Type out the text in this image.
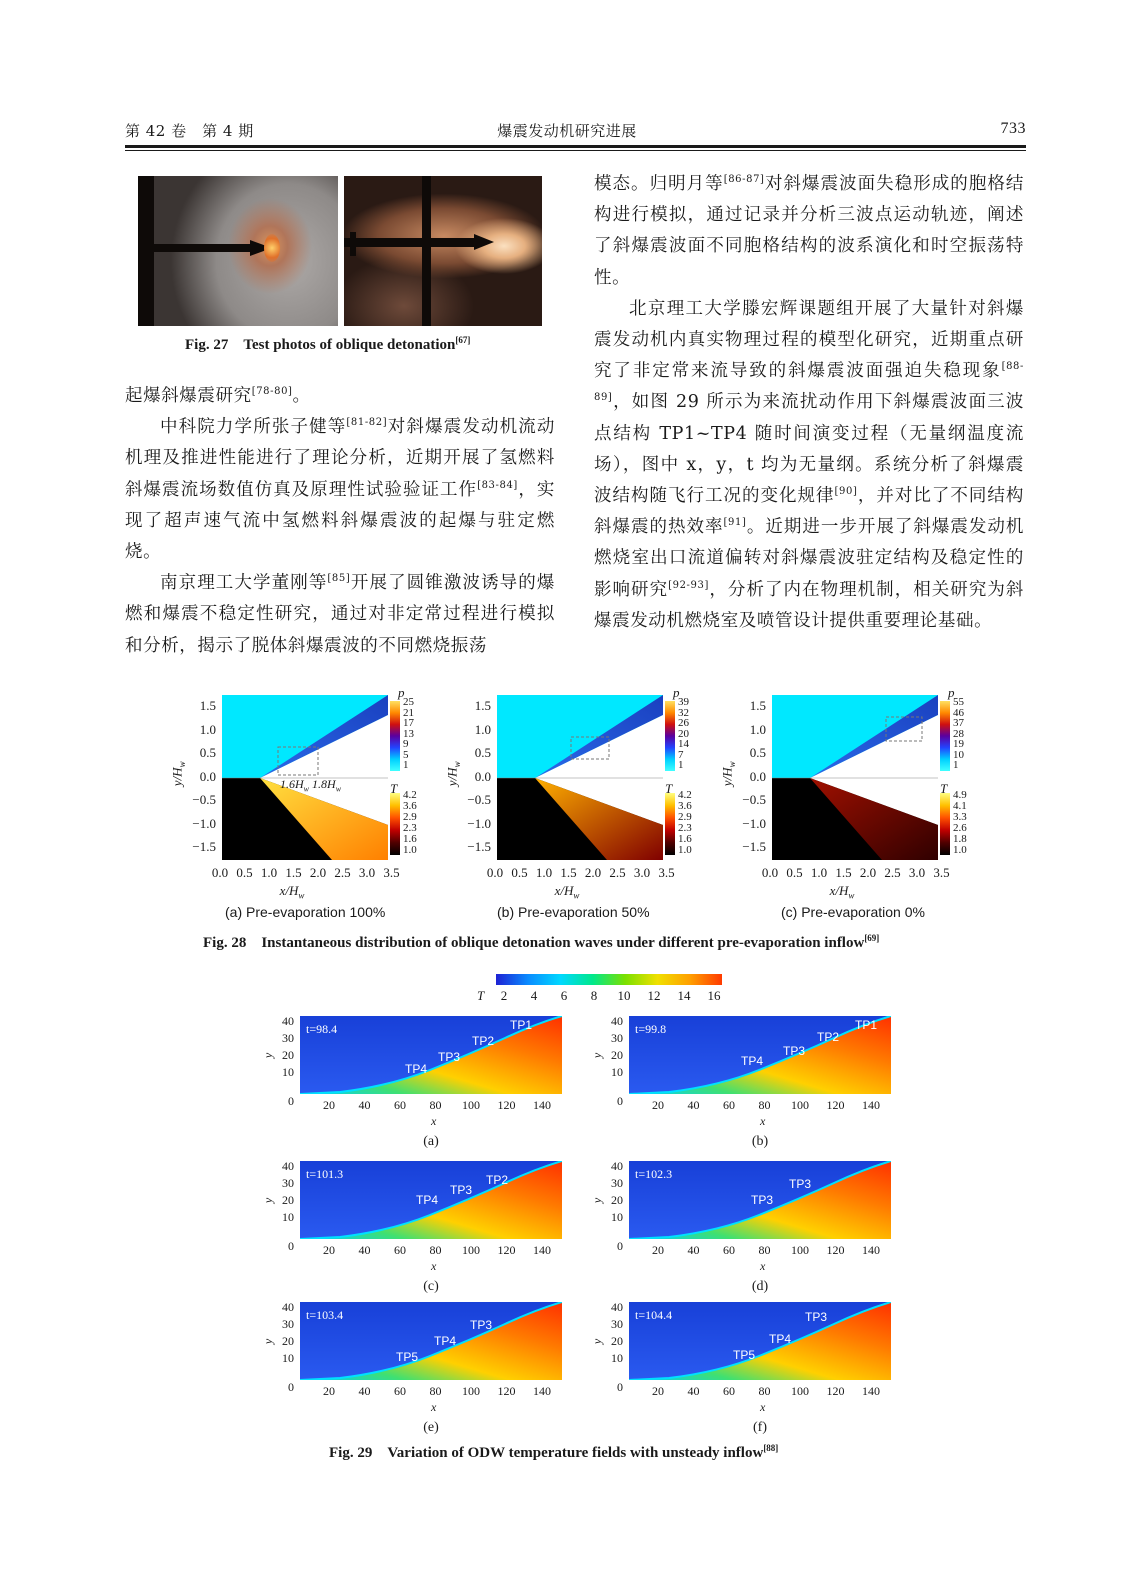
第 42 卷　第 4 期	爆震发动机研究进展	733
Fig. 27　Test photos of oblique detonation[67]
起爆斜爆震研究[78-80]。
中科院力学所张子健等[81-82]对斜爆震发动机流动机理及推进性能进行了理论分析，近期开展了氢燃料斜爆震流场数值仿真及原理性试验验证工作[83-84]，实现了超声速气流中氢燃料斜爆震波的起爆与驻定燃烧。
南京理工大学董刚等[85]开展了圆锥激波诱导的爆燃和爆震不稳定性研究，通过对非定常过程进行模拟和分析，揭示了脱体斜爆震波的不同燃烧振荡
模态。归明月等[86-87]对斜爆震波面失稳形成的胞格结构进行模拟，通过记录并分析三波点运动轨迹，阐述了斜爆震波面不同胞格结构的波系演化和时空振荡特性。
北京理工大学滕宏辉课题组开展了大量针对斜爆震发动机内真实物理过程的模型化研究，近期重点研究了非定常来流导致的斜爆震波面强迫失稳现象[88-89]，如图 29 所示为来流扰动作用下斜爆震波面三波点结构 TP1~TP4 随时间演变过程（无量纲温度流场），图中 x，y，t 均为无量纲。系统分析了斜爆震波结构随飞行工况的变化规律[90]，并对比了不同结构斜爆震的热效率[91]。近期进一步开展了斜爆震发动机燃烧室出口流道偏转对斜爆震波驻定结构及稳定性的影响研究[92-93]，分析了内在物理机制，相关研究为斜爆震发动机燃烧室及喷管设计提供重要理论基础。
1.5
1.0
0.5
0.0
−0.5
−1.0
−1.5
0.0 0.5 1.0 1.5 2.0 2.5 3.0 3.5
$x/H_w$
$y/H_w$
p
T
25
21
17
13
9
5
1
4.2
3.6
2.9
2.3
1.6
1.0
$1.6H_w$ $1.8H_w$
(a) Pre-evaporation 100%
1.5
1.0
0.5
0.0
−0.5
−1.0
−1.5
0.0 0.5 1.0 1.5 2.0 2.5 3.0 3.5
$x/H_w$
$y/H_w$
p
T
39
32
26
20
14
7
1
4.2
3.6
2.9
2.3
1.6
1.0
(b) Pre-evaporation 50%
1.5
1.0
0.5
0.0
−0.5
−1.0
−1.5
0.0 0.5 1.0 1.5 2.0 2.5 3.0 3.5
$x/H_w$
$y/H_w$
p
T
55
46
37
28
19
10
1
4.9
4.1
3.3
2.6
1.8
1.0
(c) Pre-evaporation 0%
Fig. 28　Instantaneous distribution of oblique detonation waves under different pre-evaporation inflow[69]
T 2 4 6 8 10 12 14 16
t=98.4	TP1
TP2
TP3
TP4
40
30
20
10
0 20 40 60 80 100 120 140
x
y
(a)
t=99.8	TP1
TP2
TP3
TP4
40
30
20
10
0 20 40 60 80 100 120 140
x
y
(b)
t=101.3	TP2
TP3
TP4
40
30
20
10
0 20 40 60 80 100 120 140
x
y
(c)
t=102.3
TP3
TP3
40
30
20
10
0 20 40 60 80 100 120 140
x
y
(d)
t=103.4
TP3
TP4
TP5
40
30
20
10
0 20 40 60 80 100 120 140
x
y
(e)
t=104.4	TP3
TP4
TP5
40
30
20
10
0 20 40 60 80 100 120 140
x
y
(f)
Fig. 29　Variation of ODW temperature fields with unsteady inflow[88]
